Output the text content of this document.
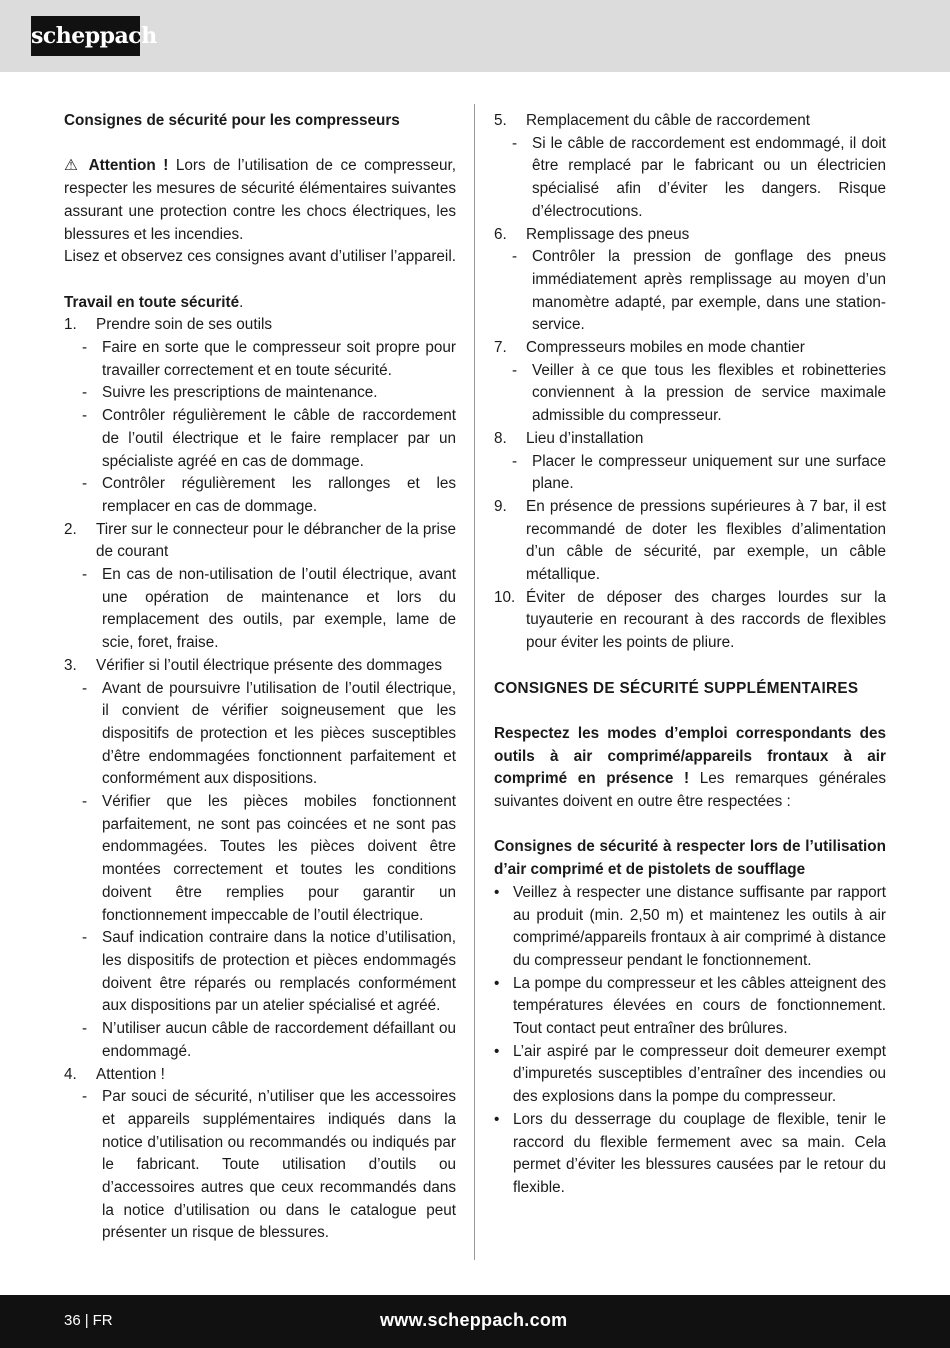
scheppach

Consignes de sécurité pour les compresseurs

⚠ Attention ! Lors de l’utilisation de ce compresseur, respecter les mesures de sécurité élémentaires suivantes assurant une protection contre les chocs électriques, les blessures et les incendies.

Lisez et observez ces consignes avant d’utiliser l’appareil.

Travail en toute sécurité.

1.	Prendre soin de ses outils
- Faire en sorte que le compresseur soit propre pour travailler correctement et en toute sécurité.
- Suivre les prescriptions de maintenance.
- Contrôler régulièrement le câble de raccordement de l’outil électrique et le faire remplacer par un spécialiste agréé en cas de dommage.
- Contrôler régulièrement les rallonges et les remplacer en cas de dommage.
2.	Tirer sur le connecteur pour le débrancher de la prise de courant
- En cas de non-utilisation de l’outil électrique, avant une opération de maintenance et lors du remplacement des outils, par exemple, lame de scie, foret, fraise.
3.	Vérifier si l’outil électrique présente des dommages
- Avant de poursuivre l’utilisation de l’outil électrique, il convient de vérifier soigneusement que les dispositifs de protection et les pièces susceptibles d’être endommagées fonctionnent parfaitement et conformément aux dispositions.
- Vérifier que les pièces mobiles fonctionnent parfaitement, ne sont pas coincées et ne sont pas endommagées. Toutes les pièces doivent être montées correctement et toutes les conditions doivent être remplies pour garantir un fonctionnement impeccable de l’outil électrique.
- Sauf indication contraire dans la notice d’utilisation, les dispositifs de protection et pièces endommagés doivent être réparés ou remplacés conformément aux dispositions par un atelier spécialisé et agréé.
- N’utiliser aucun câble de raccordement défaillant ou endommagé.
4.	Attention !
- Par souci de sécurité, n’utiliser que les accessoires et appareils supplémentaires indiqués dans la notice d’utilisation ou recommandés ou indiqués par le fabricant. Toute utilisation d’outils ou d’accessoires autres que ceux recommandés dans la notice d’utilisation ou dans le catalogue peut présenter un risque de blessures.
5.	Remplacement du câble de raccordement
- Si le câble de raccordement est endommagé, il doit être remplacé par le fabricant ou un électricien spécialisé afin d’éviter les dangers. Risque d’électrocutions.
6.	Remplissage des pneus
- Contrôler la pression de gonflage des pneus immédiatement après remplissage au moyen d’un manomètre adapté, par exemple, dans une station-service.
7.	Compresseurs mobiles en mode chantier
- Veiller à ce que tous les flexibles et robinetteries conviennent à la pression de service maximale admissible du compresseur.
8.	Lieu d’installation
- Placer le compresseur uniquement sur une surface plane.
9.	En présence de pressions supérieures à 7 bar, il est recommandé de doter les flexibles d’alimentation d’un câble de sécurité, par exemple, un câble métallique.
10. Éviter de déposer des charges lourdes sur la tuyauterie en recourant à des raccords de flexibles pour éviter les points de pliure.

CONSIGNES DE SÉCURITÉ SUPPLÉMENTAIRES

Respectez les modes d’emploi correspondants des outils à air comprimé/appareils frontaux à air comprimé en présence ! Les remarques générales suivantes doivent en outre être respectées :

Consignes de sécurité à respecter lors de l’utilisation d’air comprimé et de pistolets de soufflage

• Veillez à respecter une distance suffisante par rapport au produit (min. 2,50 m) et maintenez les outils à air comprimé/appareils frontaux à air comprimé à distance du compresseur pendant le fonctionnement.
• La pompe du compresseur et les câbles atteignent des températures élevées en cours de fonctionnement. Tout contact peut entraîner des brûlures.
• L’air aspiré par le compresseur doit demeurer exempt d’impuretés susceptibles d’entraîner des incendies ou des explosions dans la pompe du compresseur.
• Lors du desserrage du couplage de flexible, tenir le raccord du flexible fermement avec sa main. Cela permet d’éviter les blessures causées par le retour du flexible.
36 | FR	www.scheppach.com
